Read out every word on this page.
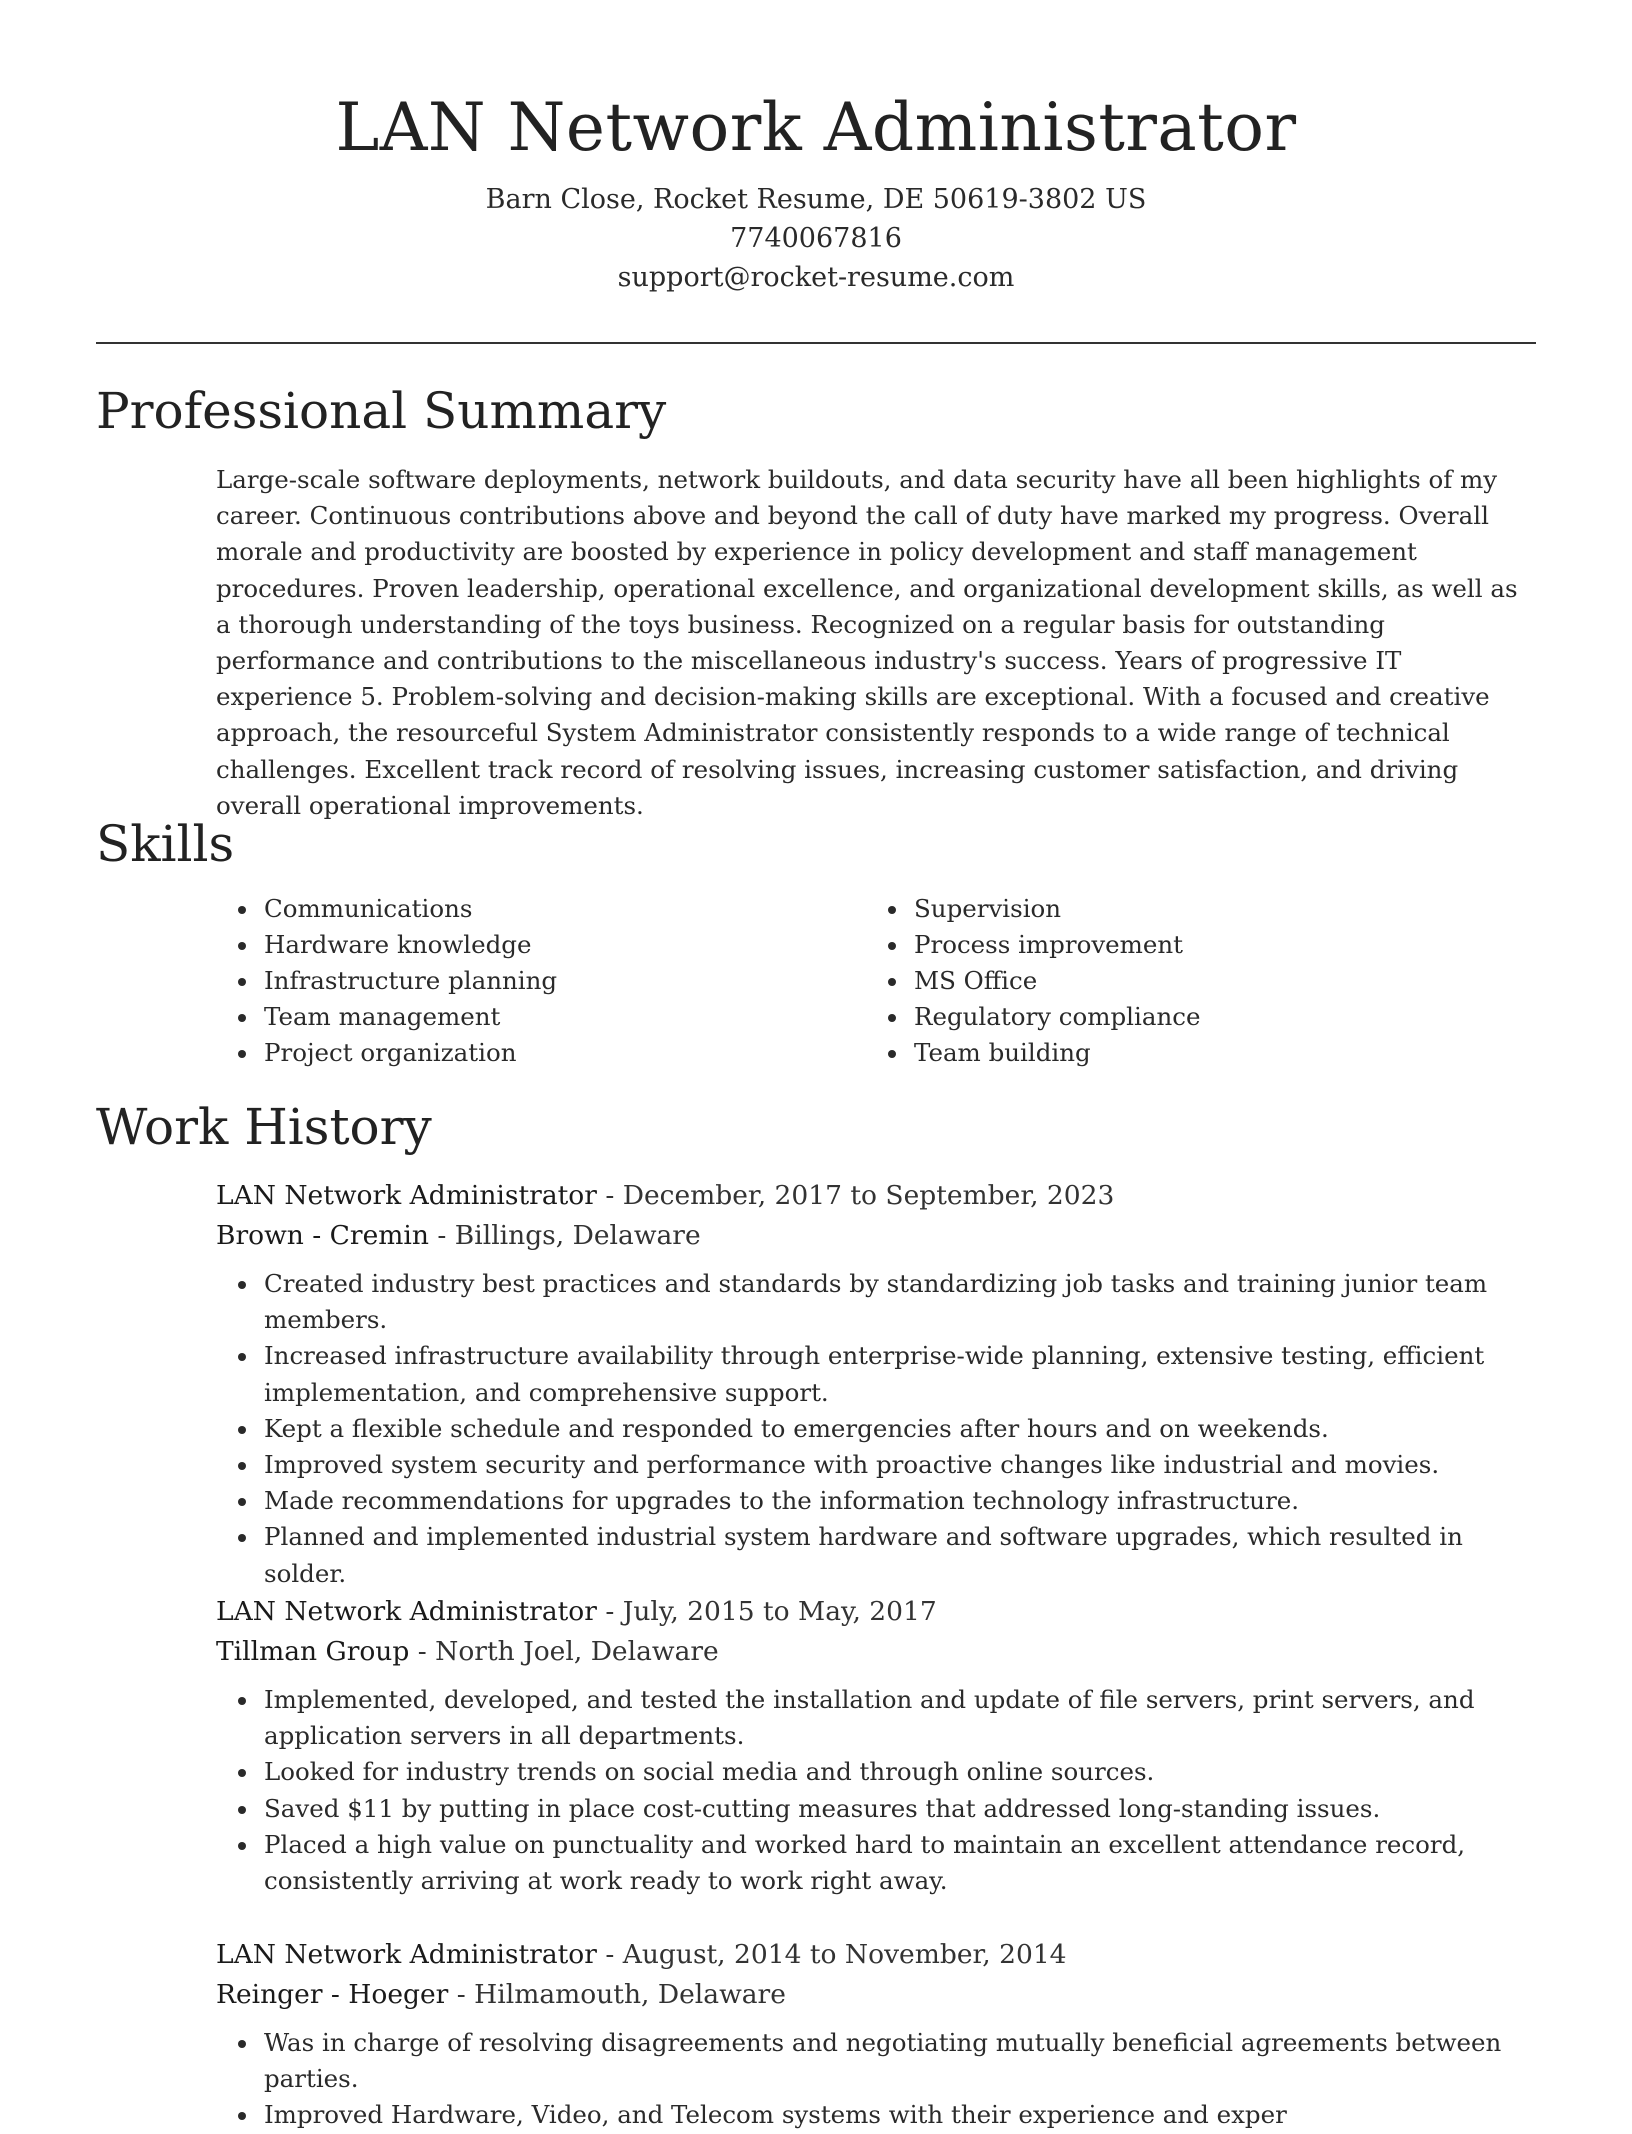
LAN Network Administrator
Barn Close, Rocket Resume, DE 50619-3802 US
7740067816
support@rocket-resume.com
Professional Summary

Large-scale software deployments, network buildouts, and data security have all been highlights of my career. Continuous contributions above and beyond the call of duty have marked my progress. Overall morale and productivity are boosted by experience in policy development and staff management procedures. Proven leadership, operational excellence, and organizational development skills, as well as a thorough understanding of the toys business. Recognized on a regular basis for outstanding performance and contributions to the miscellaneous industry's success. Years of progressive IT experience 5. Problem-solving and decision-making skills are exceptional. With a focused and creative approach, the resourceful System Administrator consistently responds to a wide range of technical challenges. Excellent track record of resolving issues, increasing customer satisfaction, and driving overall operational improvements.

Skills
• Communications
• Hardware knowledge
• Infrastructure planning
• Team management
• Project organization
• Supervision
• Process improvement
• MS Office
• Regulatory compliance
• Team building
Work History
LAN Network Administrator - December, 2017 to September, 2023
Brown - Cremin - Billings, Delaware
• Created industry best practices and standards by standardizing job tasks and training junior team members.
• Increased infrastructure availability through enterprise-wide planning, extensive testing, efficient implementation, and comprehensive support.
• Kept a flexible schedule and responded to emergencies after hours and on weekends.
• Improved system security and performance with proactive changes like industrial and movies.
• Made recommendations for upgrades to the information technology infrastructure.
• Planned and implemented industrial system hardware and software upgrades, which resulted in solder.
LAN Network Administrator - July, 2015 to May, 2017
Tillman Group - North Joel, Delaware
• Implemented, developed, and tested the installation and update of file servers, print servers, and application servers in all departments.
• Looked for industry trends on social media and through online sources.
• Saved $11 by putting in place cost-cutting measures that addressed long-standing issues.
• Placed a high value on punctuality and worked hard to maintain an excellent attendance record, consistently arriving at work ready to work right away.
LAN Network Administrator - August, 2014 to November, 2014
Reinger - Hoeger - Hilmamouth, Delaware
• Was in charge of resolving disagreements and negotiating mutually beneficial agreements between parties.
• Improved Hardware, Video, and Telecom systems with their experience and exper
